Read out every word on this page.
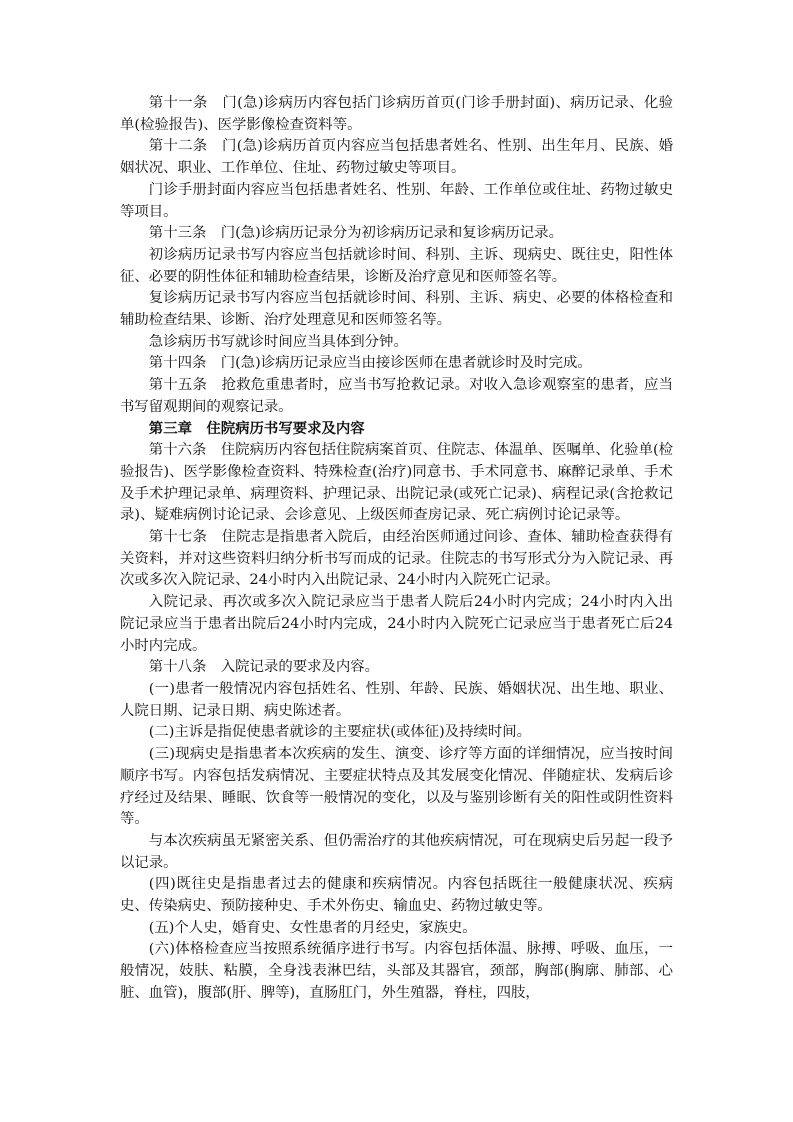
第十一条　门(急)诊病历内容包括门诊病历首页(门诊手册封面)、病历记录、化验单(检验报告)、医学影像检查资料等。

第十二条　门(急)诊病历首页内容应当包括患者姓名、性别、出生年月、民族、婚姻状况、职业、工作单位、住址、药物过敏史等项目。

门诊手册封面内容应当包括患者姓名、性别、年龄、工作单位或住址、药物过敏史等项目。

第十三条　门(急)诊病历记录分为初诊病历记录和复诊病历记录。

初诊病历记录书写内容应当包括就诊时间、科别、主诉、现病史、既往史，阳性体征、必要的阴性体征和辅助检查结果，诊断及治疗意见和医师签名等。

复诊病历记录书写内容应当包括就诊时间、科别、主诉、病史、必要的体格检查和辅助检查结果、诊断、治疗处理意见和医师签名等。

急诊病历书写就诊时间应当具体到分钟。

第十四条　门(急)诊病历记录应当由接诊医师在患者就诊时及时完成。

第十五条　抢救危重患者时，应当书写抢救记录。对收入急诊观察室的患者，应当书写留观期间的观察记录。

第三章　住院病历书写要求及内容

第十六条　住院病历内容包括住院病案首页、住院志、体温单、医嘱单、化验单(检验报告)、医学影像检查资料、特殊检查(治疗)同意书、手术同意书、麻醉记录单、手术及手术护理记录单、病理资料、护理记录、出院记录(或死亡记录)、病程记录(含抢救记录)、疑难病例讨论记录、会诊意见、上级医师查房记录、死亡病例讨论记录等。

第十七条　住院志是指患者入院后，由经治医师通过问诊、查体、辅助检查获得有关资料，并对这些资料归纳分析书写而成的记录。住院志的书写形式分为入院记录、再次或多次入院记录、24小时内入出院记录、24小时内入院死亡记录。

入院记录、再次或多次入院记录应当于患者人院后24小时内完成；24小时内入出院记录应当于患者出院后24小时内完成，24小时内入院死亡记录应当于患者死亡后24小时内完成。

第十八条　入院记录的要求及内容。

(一)患者一般情况内容包括姓名、性别、年龄、民族、婚姻状况、出生地、职业、人院日期、记录日期、病史陈述者。

(二)主诉是指促使患者就诊的主要症状(或体征)及持续时间。

(三)现病史是指患者本次疾病的发生、演变、诊疗等方面的详细情况，应当按时间顺序书写。内容包括发病情况、主要症状特点及其发展变化情况、伴随症状、发病后诊疗经过及结果、睡眠、饮食等一般情况的变化，以及与鉴别诊断有关的阳性或阴性资料等。

与本次疾病虽无紧密关系、但仍需治疗的其他疾病情况，可在现病史后另起一段予以记录。

(四)既往史是指患者过去的健康和疾病情况。内容包括既往一般健康状况、疾病史、传染病史、预防接种史、手术外伤史、输血史、药物过敏史等。

(五)个人史，婚育史、女性患者的月经史，家族史。

(六)体格检查应当按照系统循序进行书写。内容包括体温、脉搏、呼吸、血压，一般情况，妓肤、粘膜，全身浅表淋巴结，头部及其器官，颈部，胸部(胸廓、肺部、心脏、血管)，腹部(肝、脾等)，直肠肛门，外生殖器，脊柱，四肢，
